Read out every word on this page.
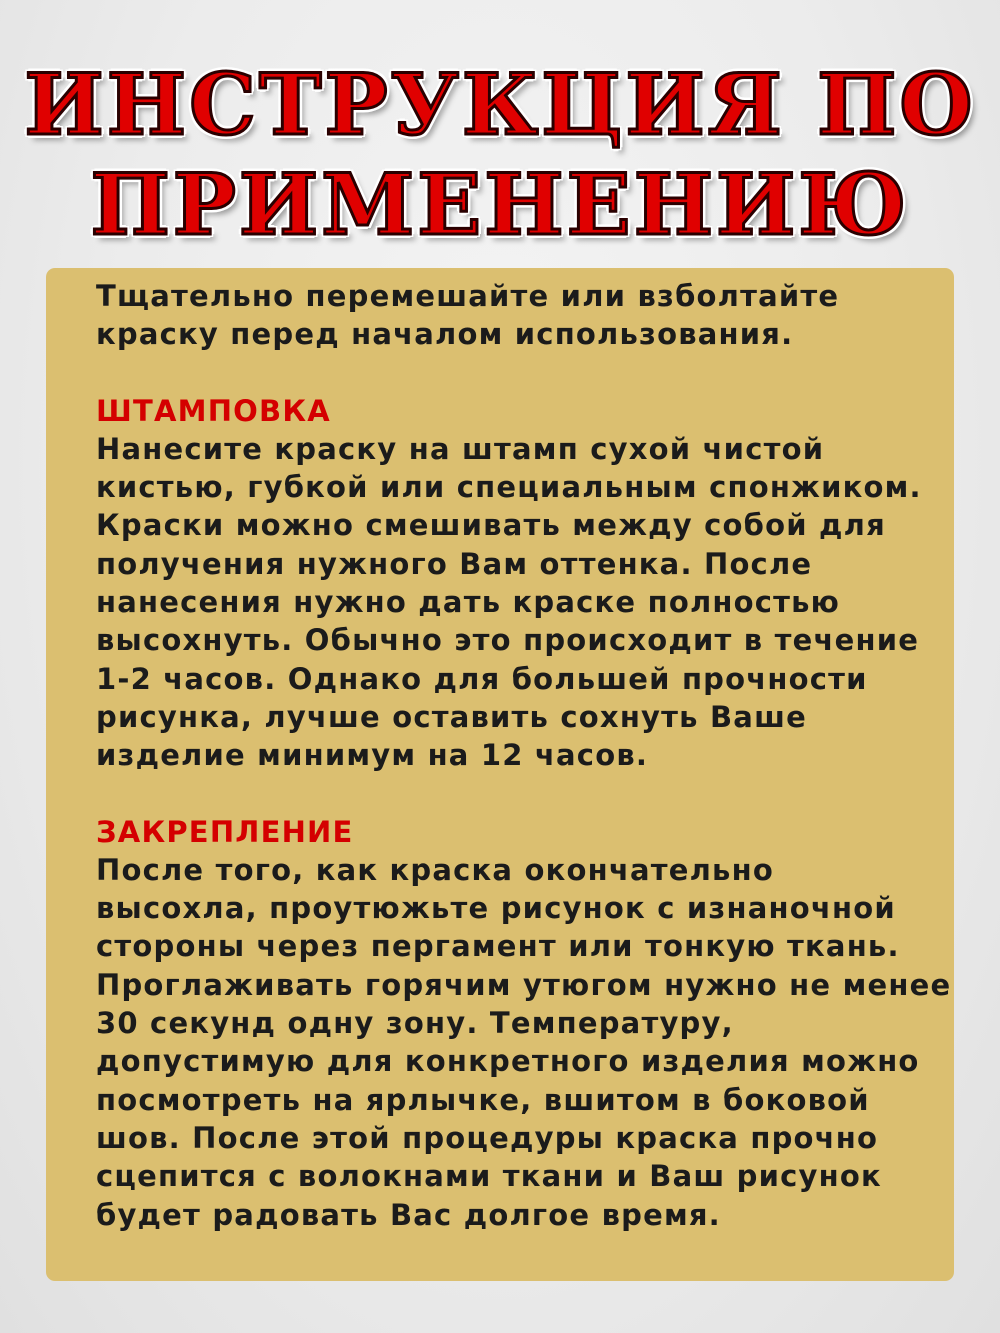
ИНСТРУКЦИЯ ПО
ПРИМЕНЕНИЮ

Тщательно перемешайте или взболтайте
краску перед началом использования.

ШТАМПОВКА

Нанесите краску на штамп сухой чистой
кистью, губкой или специальным спонжиком.
Краски можно смешивать между собой для
получения нужного Вам оттенка. После
нанесения нужно дать краске полностью
высохнуть. Обычно это происходит в течение
1-2 часов. Однако для большей прочности
рисунка, лучше оставить сохнуть Ваше
изделие минимум на 12 часов.

ЗАКРЕПЛЕНИЕ

После того, как краска окончательно
высохла, проутюжьте рисунок с изнаночной
стороны через пергамент или тонкую ткань.
Проглаживать горячим утюгом нужно не менее
30 секунд одну зону. Температуру,
допустимую для конкретного изделия можно
посмотреть на ярлычке, вшитом в боковой
шов. После этой процедуры краска прочно
сцепится с волокнами ткани и Ваш рисунок
будет радовать Вас долгое время.
